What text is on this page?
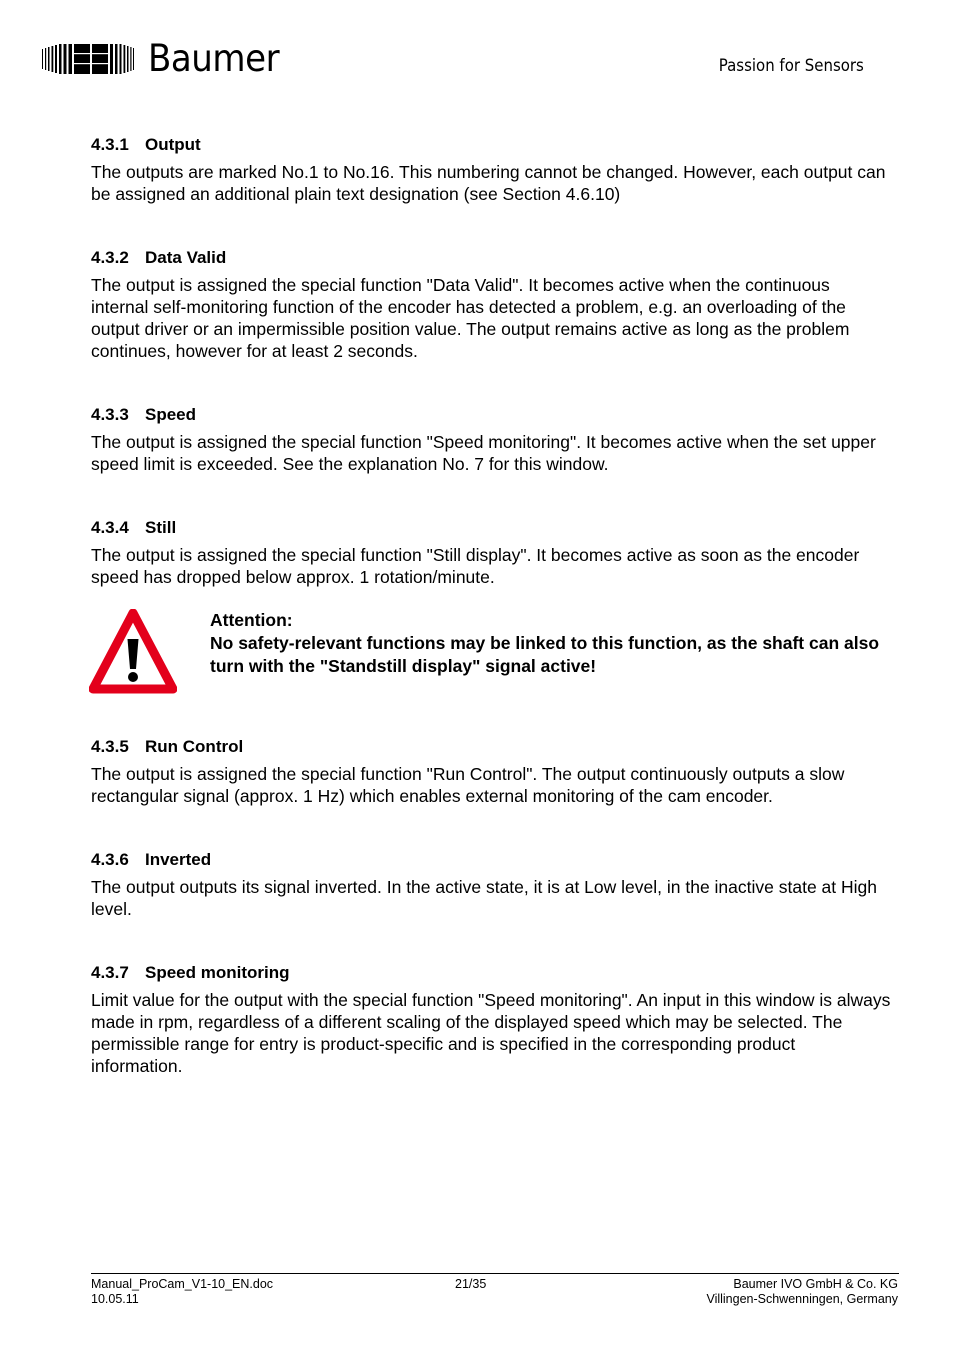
Baumer	Passion for Sensors

4.3.1 Output

The outputs are marked No.1 to No.16. This numbering cannot be changed. However, each output can be assigned an additional plain text designation (see Section 4.6.10)

4.3.2 Data Valid

The output is assigned the special function "Data Valid". It becomes active when the continuous internal self-monitoring function of the encoder has detected a problem, e.g. an overloading of the output driver or an impermissible position value. The output remains active as long as the problem continues, however for at least 2 seconds.

4.3.3 Speed

The output is assigned the special function "Speed monitoring". It becomes active when the set upper speed limit is exceeded. See the explanation No. 7 for this window.

4.3.4 Still

The output is assigned the special function "Still display". It becomes active as soon as the encoder speed has dropped below approx. 1 rotation/minute.

Attention:
No safety-relevant functions may be linked to this function, as the shaft can also turn with the "Standstill display" signal active!

4.3.5 Run Control

The output is assigned the special function "Run Control". The output continuously outputs a slow rectangular signal (approx. 1 Hz) which enables external monitoring of the cam encoder.

4.3.6 Inverted

The output outputs its signal inverted. In the active state, it is at Low level, in the inactive state at High level.

4.3.7 Speed monitoring

Limit value for the output with the special function "Speed monitoring". An input in this window is always made in rpm, regardless of a different scaling of the displayed speed which may be selected. The permissible range for entry is product-specific and is specified in the corresponding product information.

Manual_ProCam_V1-10_EN.doc
10.05.11
21/35	Baumer IVO GmbH & Co. KG
Villingen-Schwenningen, Germany
